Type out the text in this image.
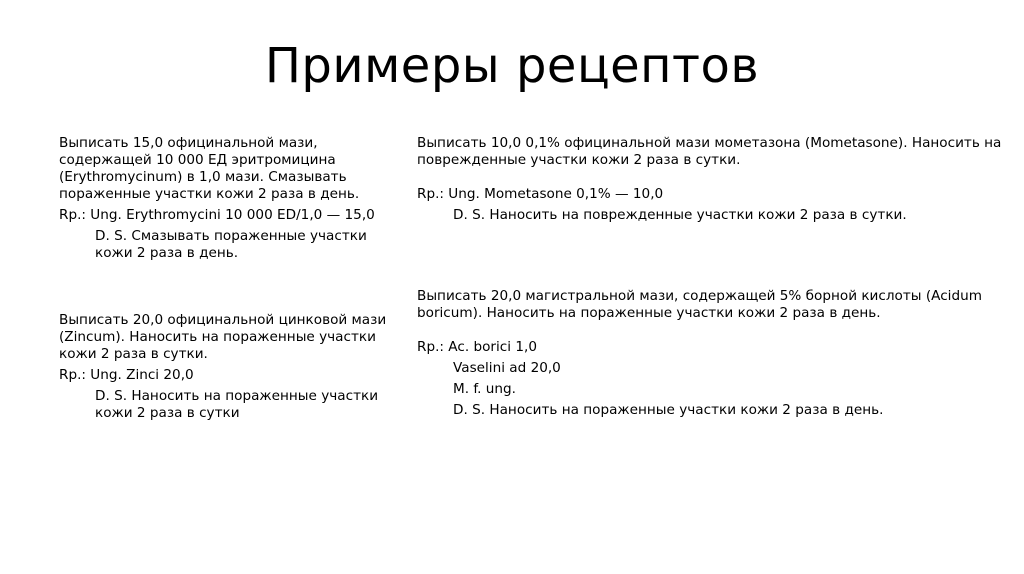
Примеры рецептов
Выписать 15,0 официнальной мази, содержащей 10 000 ЕД эритромицина (Erythromycinum) в 1,0 мази. Смазывать пораженные участки кожи 2 раза в день.
Rp.: Ung. Erythromycini 10 000 ED/1,0 — 15,0
D. S. Смазывать пораженные участки кожи 2 раза в день.
Выписать 20,0 официнальной цинковой мази (Zincum). Наносить на пораженные участки кожи 2 раза в сутки.
Rp.: Ung. Zinci 20,0
D. S. Наносить на пораженные участки кожи 2 раза в сутки
Выписать 10,0 0,1% официнальной мази мометазона (Mometasone). Наносить на поврежденные участки кожи 2 раза в сутки.
Rp.: Ung. Mometasone 0,1% — 10,0
D. S. Наносить на поврежденные участки кожи 2 раза в сутки.
Выписать 20,0 магистральной мази, содержащей 5% борной кислоты (Acidum boricum). Наносить на пораженные участки кожи 2 раза в день.
Rp.: Ac. borici 1,0
Vaselini ad 20,0
M. f. ung.
D. S. Наносить на пораженные участки кожи 2 раза в день.
